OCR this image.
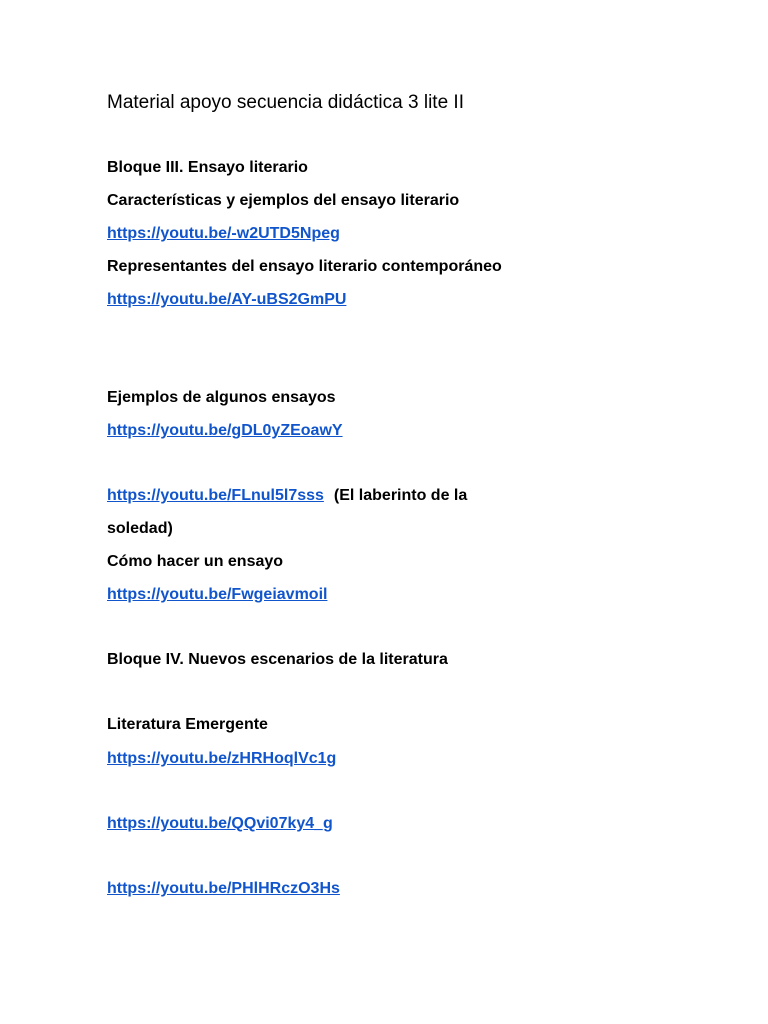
Material apoyo secuencia didáctica 3 lite II
Bloque III. Ensayo literario
Características y ejemplos del ensayo literario
https://youtu.be/-w2UTD5Npeg
Representantes del ensayo literario contemporáneo
https://youtu.be/AY-uBS2GmPU
Ejemplos de algunos ensayos
https://youtu.be/gDL0yZEoawY
https://youtu.be/FLnul5l7sss (El laberinto de la
soledad)
Cómo hacer un ensayo
https://youtu.be/Fwgeiavmoil
Bloque IV. Nuevos escenarios de la literatura
Literatura Emergente
https://youtu.be/zHRHoqlVc1g
https://youtu.be/QQvi07ky4_g
https://youtu.be/PHlHRczO3Hs
